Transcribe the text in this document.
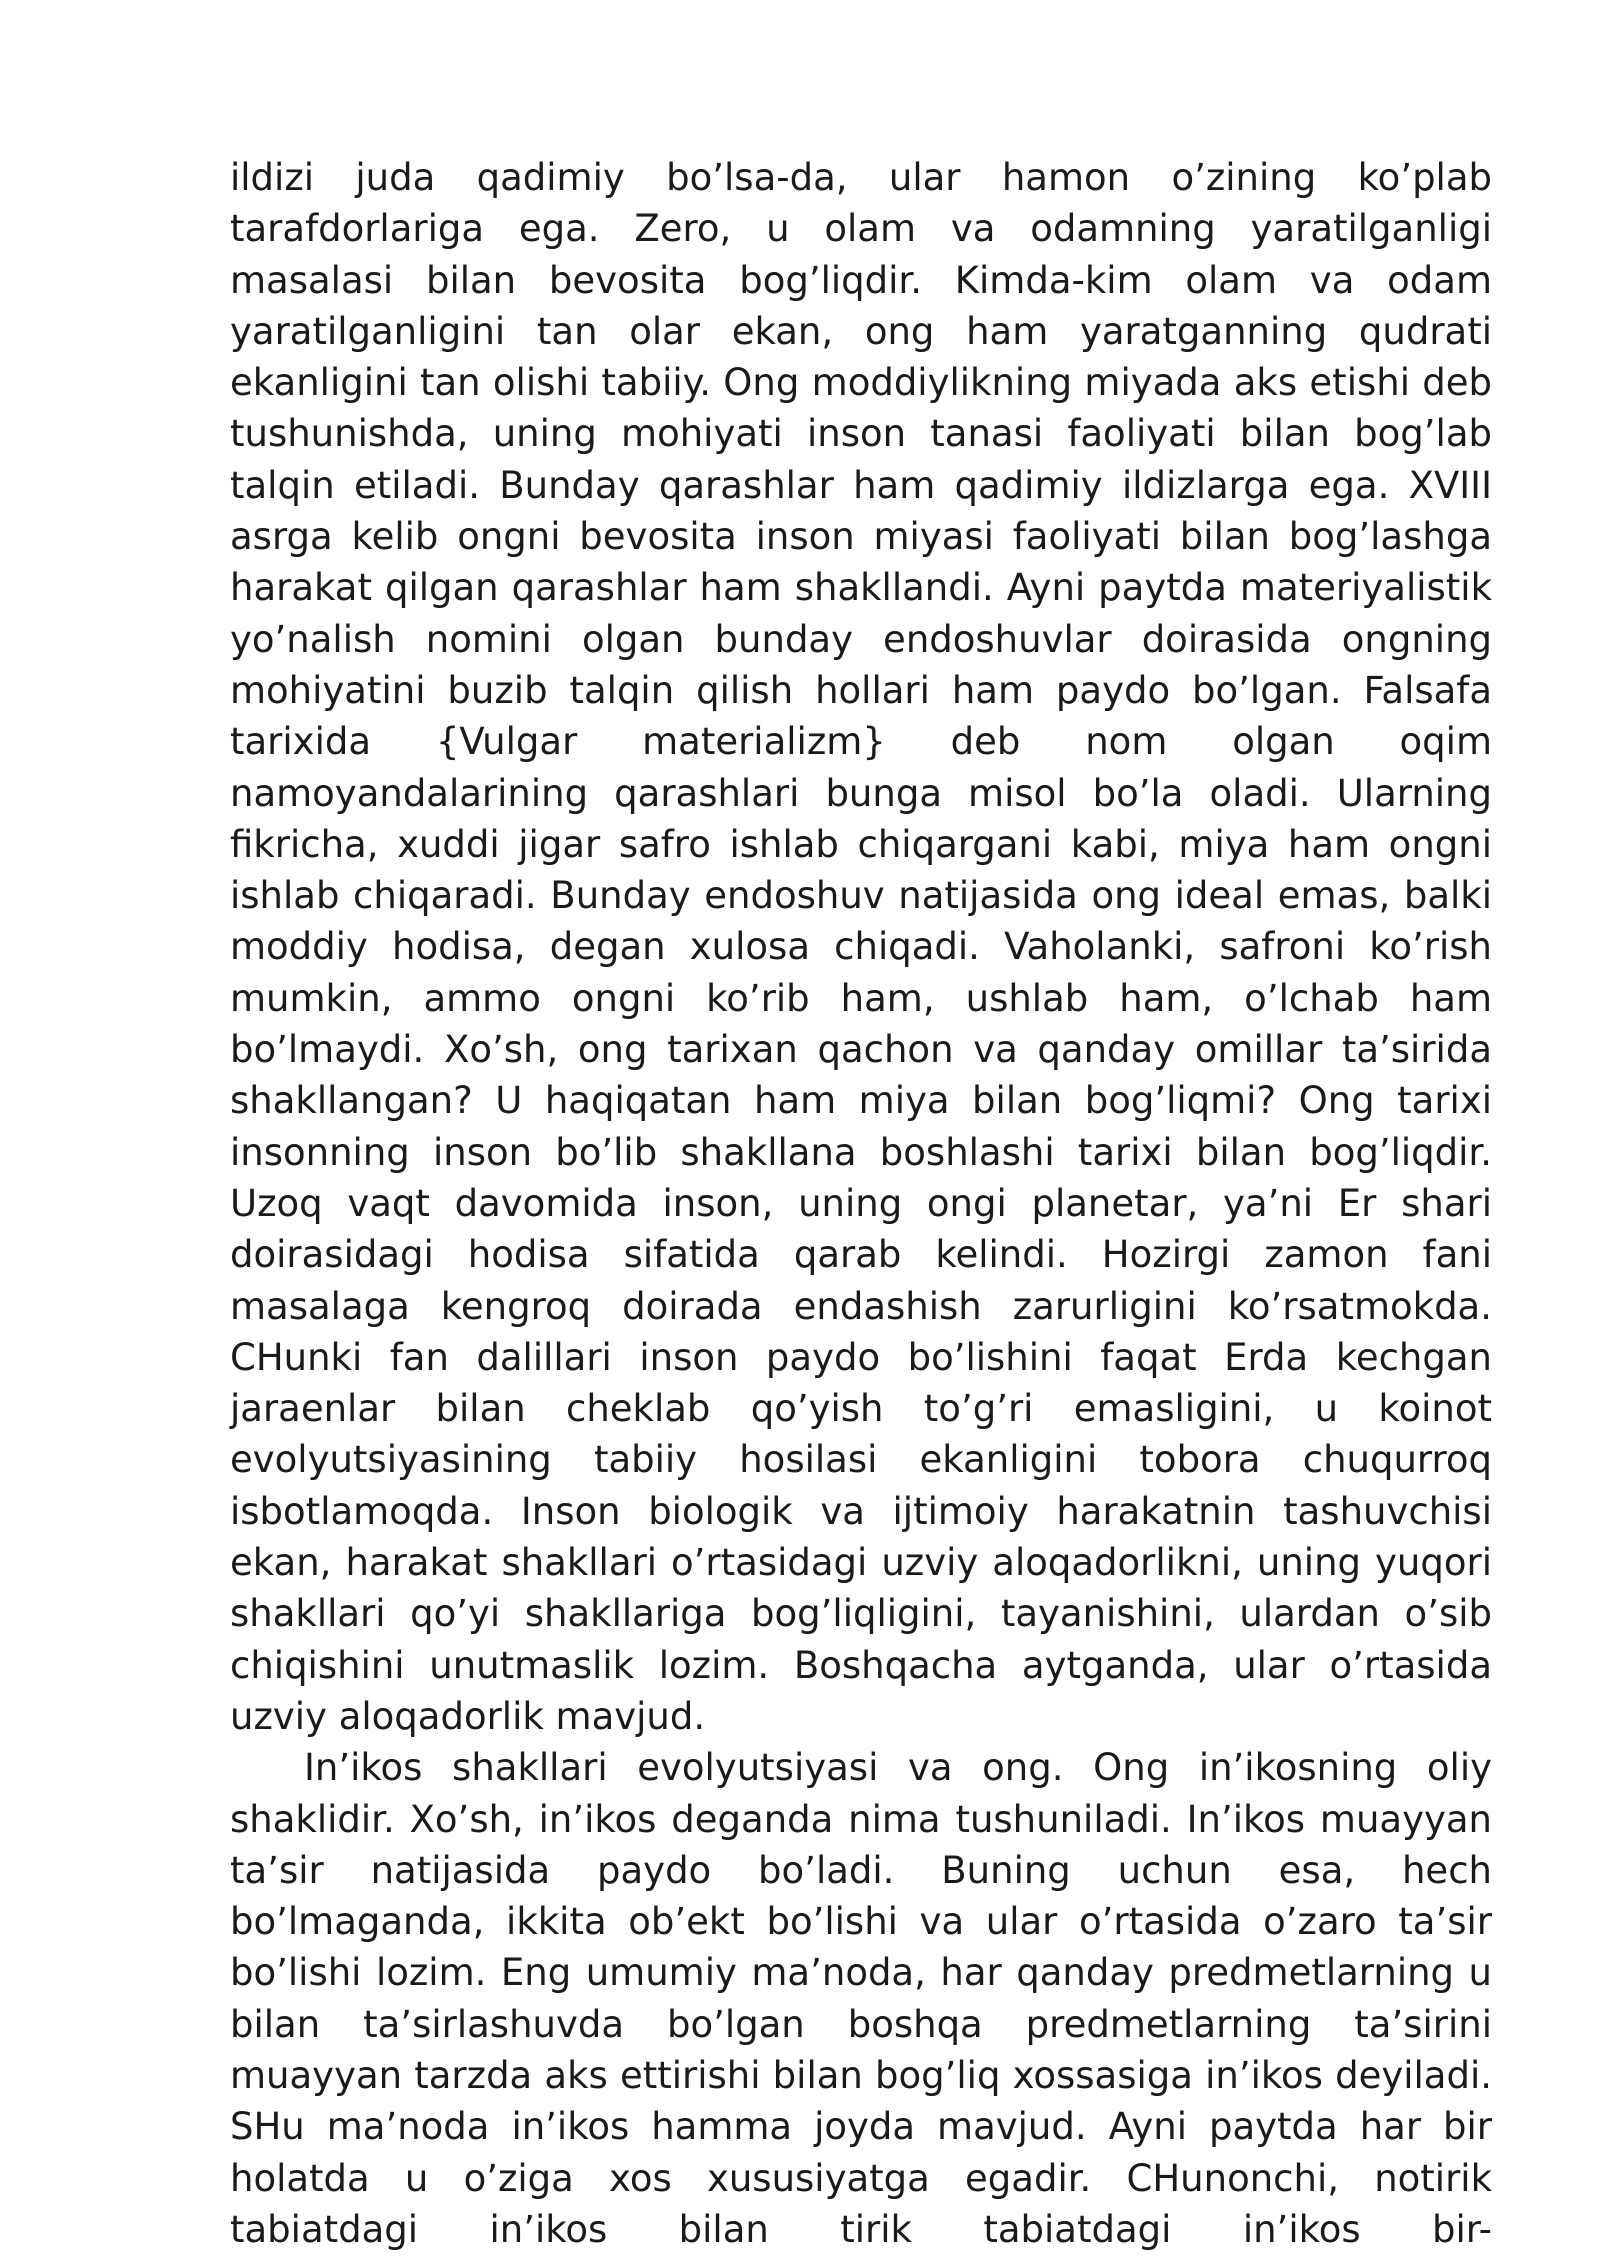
ildizi juda qadimiy bo’lsa-da, ular hamon o’zining ko’plab tarafdorlariga ega. Zero, u olam va odamning yaratilganligi masalasi bilan bevosita bog’liqdir. Kimda-kim olam va odam yaratilganligini tan olar ekan, ong ham yaratganning qudrati ekanligini tan olishi tabiiy. Ong moddiylikning miyada aks etishi deb tushunishda, uning mohiyati inson tanasi faoliyati bilan bog’lab talqin etiladi. Bunday qarashlar ham qadimiy ildizlarga ega. XVIII asrga kelib ongni bevosita inson miyasi faoliyati bilan bog’lashga harakat qilgan qarashlar ham shakllandi. Ayni paytda materiyalistik yo’nalish nomini olgan bunday endoshuvlar doirasida ongning mohiyatini buzib talqin qilish hollari ham paydo bo’lgan. Falsafa tarixida {Vulgar materializm} deb nom olgan oqim namoyandalarining qarashlari bunga misol bo’la oladi. Ularning fikricha, xuddi jigar safro ishlab chiqargani kabi, miya ham ongni ishlab chiqaradi. Bunday endoshuv natijasida ong ideal emas, balki moddiy hodisa, degan xulosa chiqadi. Vaholanki, safroni ko’rish mumkin, ammo ongni ko’rib ham, ushlab ham, o’lchab ham bo’lmaydi. Xo’sh, ong tarixan qachon va qanday omillar ta’sirida shakllangan? U haqiqatan ham miya bilan bog’liqmi? Ong tarixi insonning inson bo’lib shakllana boshlashi tarixi bilan bog’liqdir. Uzoq vaqt davomida inson, uning ongi planetar, ya’ni Er shari doirasidagi hodisa sifatida qarab kelindi. Hozirgi zamon fani masalaga kengroq doirada endashish zarurligini ko’rsatmokda. CHunki fan dalillari inson paydo bo’lishini faqat Erda kechgan jaraenlar bilan cheklab qo’yish to’g’ri emasligini, u koinot evolyutsiyasining tabiiy hosilasi ekanligini tobora chuqurroq isbotlamoqda. Inson biologik va ijtimoiy harakatnin tashuvchisi ekan, harakat shakllari o’rtasidagi uzviy aloqadorlikni, uning yuqori shakllari qo’yi shakllariga bog’liqligini, tayanishini, ulardan o’sib chiqishini unutmaslik lozim. Boshqacha aytganda, ular o’rtasida uzviy aloqadorlik mavjud.

In’ikos shakllari evolyutsiyasi va ong. Ong in’ikosning oliy shaklidir. Xo’sh, in’ikos deganda nima tushuniladi. In’ikos muayyan ta’sir natijasida paydo bo’ladi. Buning uchun esa, hech bo’lmaganda, ikkita ob’ekt bo’lishi va ular o’rtasida o’zaro ta’sir bo’lishi lozim. Eng umumiy ma’noda, har qanday predmetlarning u bilan ta’sirlashuvda bo’lgan boshqa predmetlarning ta’sirini muayyan tarzda aks ettirishi bilan bog’liq xossasiga in’ikos deyiladi. SHu ma’noda in’ikos hamma joyda mavjud. Ayni paytda har bir holatda u o’ziga xos xususiyatga egadir. CHunonchi, notirik tabiatdagi in’ikos bilan tirik tabiatdagi in’ikos bir-
